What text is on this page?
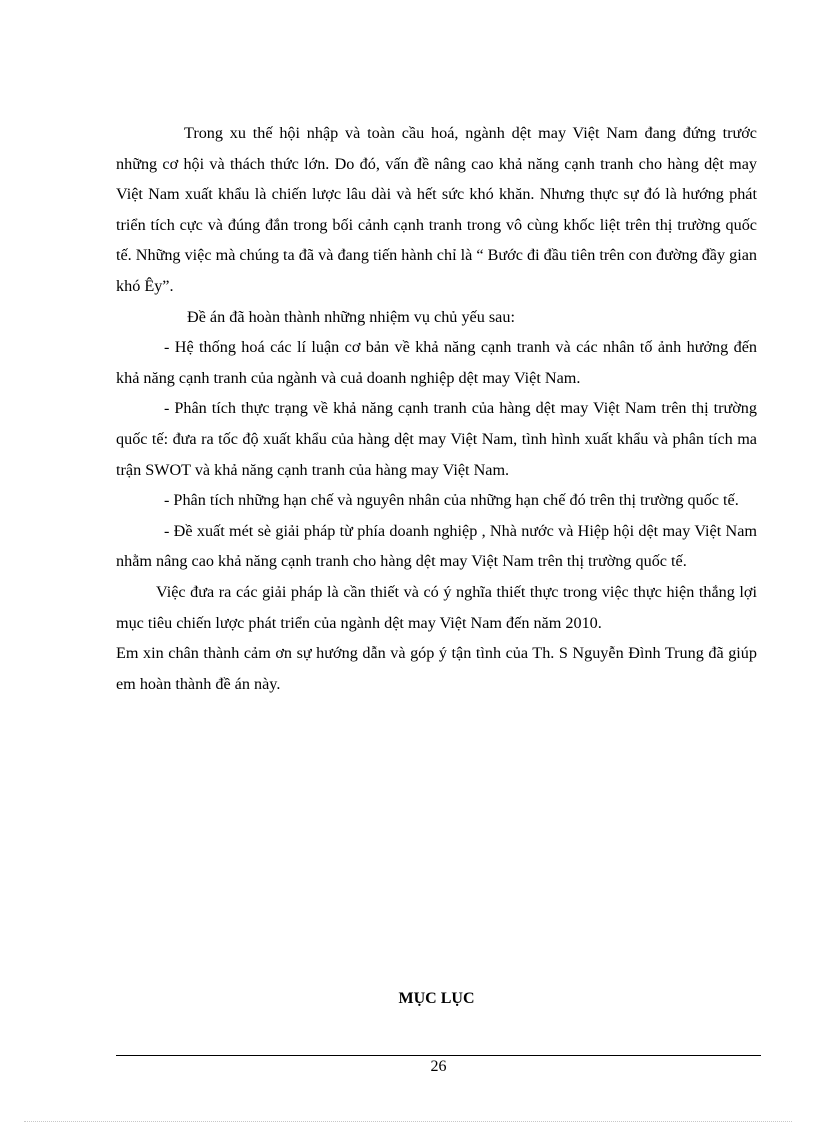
Trong xu thế hội nhập và toàn cầu hoá, ngành dệt may Việt Nam đang đứng trước những cơ hội và thách thức lớn. Do đó, vấn đề nâng cao khả năng cạnh tranh cho hàng dệt may Việt Nam xuất khẩu là chiến lược lâu dài và hết sức khó khăn. Nhưng thực sự đó là hướng phát triển tích cực và đúng đắn trong bối cảnh cạnh tranh trong vô cùng khốc liệt trên thị trường quốc tế. Những việc mà chúng ta đã và đang tiến hành chỉ là “ Bước đi đầu tiên trên con đường đầy gian khó Êy”.

Đề án đã hoàn thành những nhiệm vụ chủ yếu sau:

- Hệ thống hoá các lí luận cơ bản về khả năng cạnh tranh và các nhân tố ảnh hưởng đến khả năng cạnh tranh của ngành và cuả doanh nghiệp dệt may Việt Nam.

- Phân tích thực trạng về khả năng cạnh tranh của hàng dệt may Việt Nam trên thị trường quốc tế: đưa ra tốc độ xuất khẩu của hàng dệt may Việt Nam, tình hình xuất khẩu và phân tích ma trận SWOT và khả năng cạnh tranh của hàng may Việt Nam.

- Phân tích những hạn chế và nguyên nhân của những hạn chế đó trên thị trường quốc tế.

- Đề xuất mét sè giải pháp từ phía doanh nghiệp , Nhà nước và Hiệp hội dệt may Việt Nam nhằm nâng cao khả năng cạnh tranh cho hàng dệt may Việt Nam trên thị trường quốc tế.

Việc đưa ra các giải pháp là cần thiết và có ý nghĩa thiết thực trong việc thực hiện thắng lợi mục tiêu chiến lược phát triển của ngành dệt may Việt Nam đến năm 2010.

Em xin chân thành cảm ơn sự hướng dẫn và góp ý tận tình của Th. S Nguyễn Đình Trung đã giúp em hoàn thành đề án này.

MỤC LỤC
26
